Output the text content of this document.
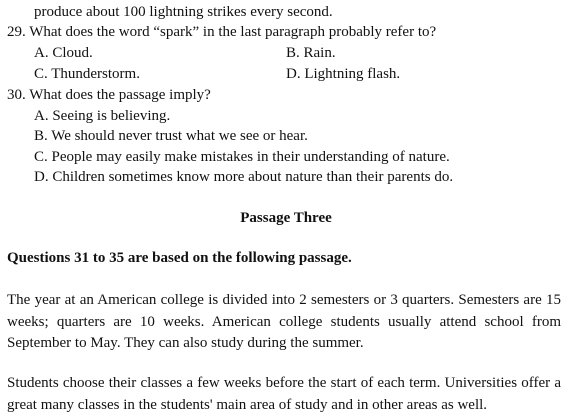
produce about 100 lightning strikes every second.
29. What does the word “spark” in the last paragraph probably refer to?
A. Cloud.	B. Rain.
C. Thunderstorm.	D. Lightning flash.
30. What does the passage imply?
A. Seeing is believing.
B. We should never trust what we see or hear.
C. People may easily make mistakes in their understanding of nature.
D. Children sometimes know more about nature than their parents do.
Passage Three
Questions 31 to 35 are based on the following passage.
The year at an American college is divided into 2 semesters or 3 quarters. Semesters are 15 weeks; quarters are 10 weeks. American college students usually attend school from September to May. They can also study during the summer.
Students choose their classes a few weeks before the start of each term. Universities offer a great many classes in the students' main area of study and in other areas as well.
